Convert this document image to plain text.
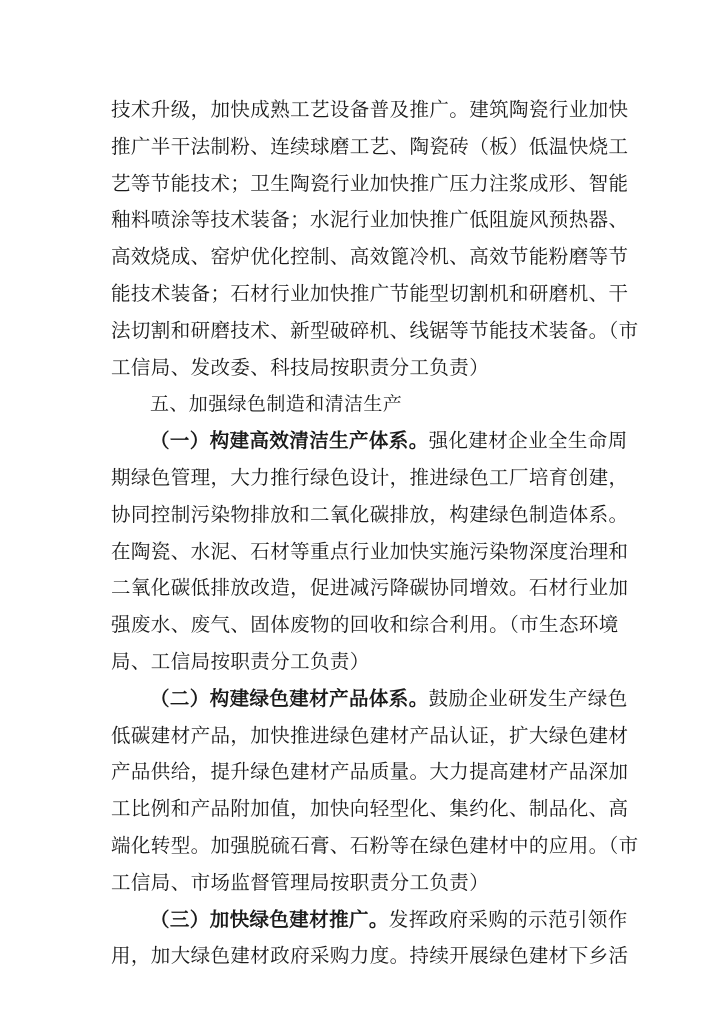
技术升级，加快成熟工艺设备普及推广。建筑陶瓷行业加快
推广半干法制粉、连续球磨工艺、陶瓷砖（板）低温快烧工
艺等节能技术；卫生陶瓷行业加快推广压力注浆成形、智能
釉料喷涂等技术装备；水泥行业加快推广低阻旋风预热器、
高效烧成、窑炉优化控制、高效篦冷机、高效节能粉磨等节
能技术装备；石材行业加快推广节能型切割机和研磨机、干
法切割和研磨技术、新型破碎机、线锯等节能技术装备。（市
工信局、发改委、科技局按职责分工负责）
五、加强绿色制造和清洁生产
（一）构建高效清洁生产体系。强化建材企业全生命周
期绿色管理，大力推行绿色设计，推进绿色工厂培育创建，
协同控制污染物排放和二氧化碳排放，构建绿色制造体系。
在陶瓷、水泥、石材等重点行业加快实施污染物深度治理和
二氧化碳低排放改造，促进减污降碳协同增效。石材行业加
强废水、废气、固体废物的回收和综合利用。（市生态环境
局、工信局按职责分工负责）
（二）构建绿色建材产品体系。鼓励企业研发生产绿色
低碳建材产品，加快推进绿色建材产品认证，扩大绿色建材
产品供给，提升绿色建材产品质量。大力提高建材产品深加
工比例和产品附加值，加快向轻型化、集约化、制品化、高
端化转型。加强脱硫石膏、石粉等在绿色建材中的应用。（市
工信局、市场监督管理局按职责分工负责）
（三）加快绿色建材推广。发挥政府采购的示范引领作
用，加大绿色建材政府采购力度。持续开展绿色建材下乡活
